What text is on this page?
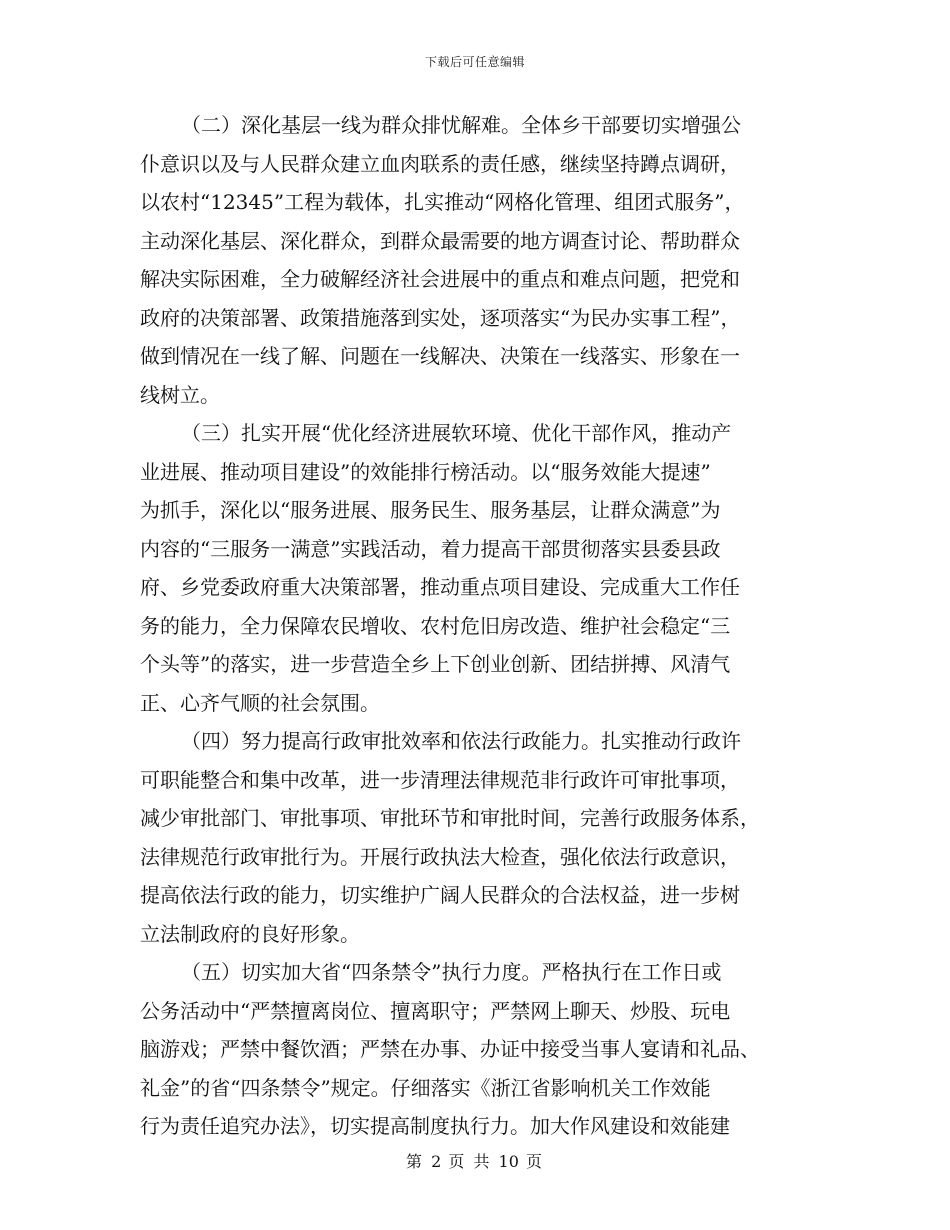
下载后可任意编辑
（二）深化基层一线为群众排忧解难。全体乡干部要切实增强公
仆意识以及与人民群众建立血肉联系的责任感，继续坚持蹲点调研，
以农村“12345”工程为载体，扎实推动“网格化管理、组团式服务”，
主动深化基层、深化群众，到群众最需要的地方调查讨论、帮助群众
解决实际困难，全力破解经济社会进展中的重点和难点问题，把党和
政府的决策部署、政策措施落到实处，逐项落实“为民办实事工程”，
做到情况在一线了解、问题在一线解决、决策在一线落实、形象在一
线树立。
（三）扎实开展“优化经济进展软环境、优化干部作风，推动产
业进展、推动项目建设”的效能排行榜活动。以“服务效能大提速”
为抓手，深化以“服务进展、服务民生、服务基层，让群众满意”为
内容的“三服务一满意”实践活动，着力提高干部贯彻落实县委县政
府、乡党委政府重大决策部署，推动重点项目建设、完成重大工作任
务的能力，全力保障农民增收、农村危旧房改造、维护社会稳定“三
个头等”的落实，进一步营造全乡上下创业创新、团结拼搏、风清气
正、心齐气顺的社会氛围。
（四）努力提高行政审批效率和依法行政能力。扎实推动行政许
可职能整合和集中改革，进一步清理法律规范非行政许可审批事项，
减少审批部门、审批事项、审批环节和审批时间，完善行政服务体系，
法律规范行政审批行为。开展行政执法大检查，强化依法行政意识，
提高依法行政的能力，切实维护广阔人民群众的合法权益，进一步树
立法制政府的良好形象。
（五）切实加大省“四条禁令”执行力度。严格执行在工作日或
公务活动中“严禁擅离岗位、擅离职守；严禁网上聊天、炒股、玩电
脑游戏；严禁中餐饮酒；严禁在办事、办证中接受当事人宴请和礼品、
礼金”的省“四条禁令”规定。仔细落实《浙江省影响机关工作效能
行为责任追究办法》，切实提高制度执行力。加大作风建设和效能建
第 2 页 共 10 页
